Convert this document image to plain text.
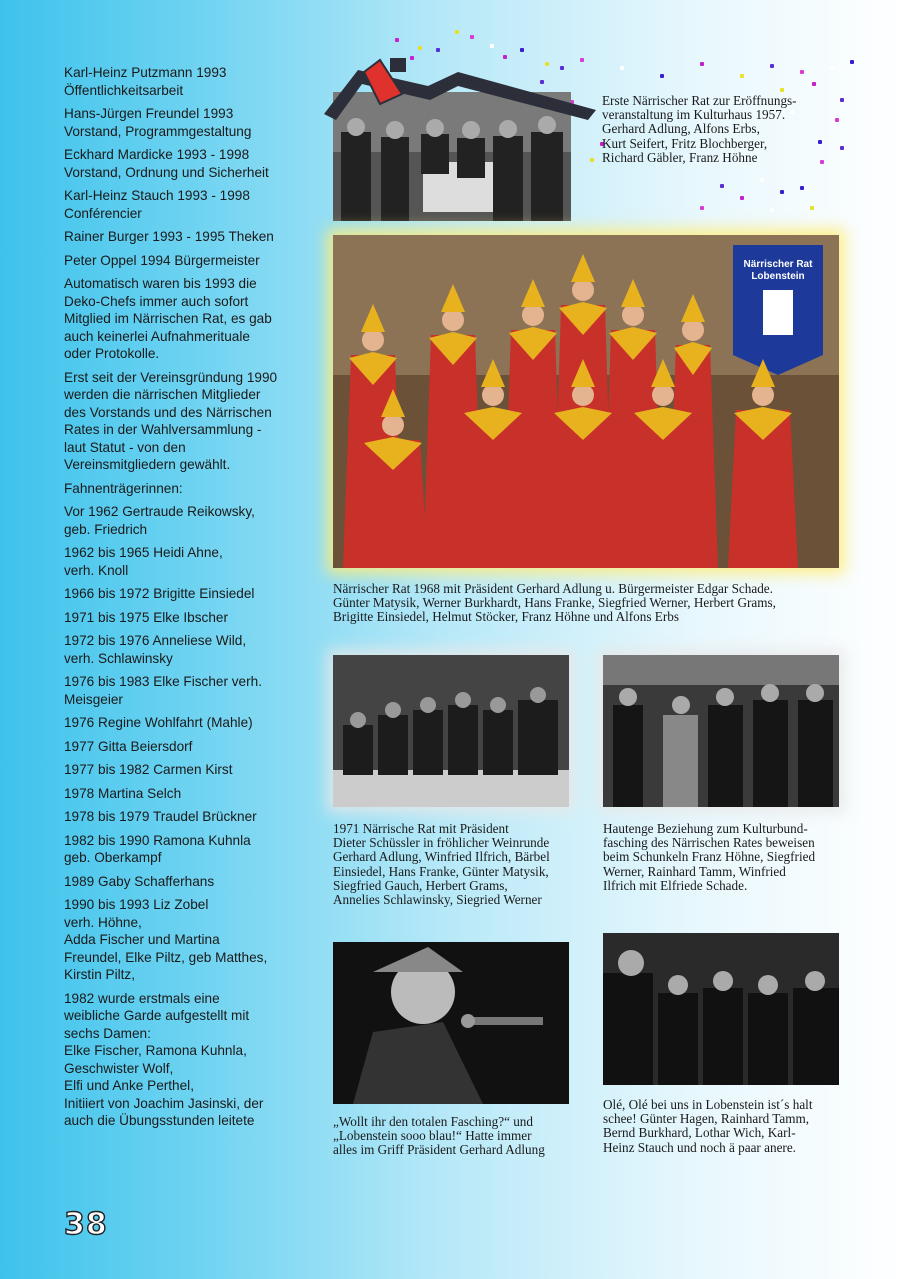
Karl-Heinz Putzmann 1993
Öffentlichkeitsarbeit

Hans-Jürgen Freundel 1993
Vorstand, Programmgestaltung

Eckhard Mardicke 1993 - 1998
Vorstand, Ordnung und Sicherheit

Karl-Heinz Stauch 1993 - 1998
Conférencier

Rainer Burger 1993 - 1995 Theken

Peter Oppel 1994 Bürgermeister

Automatisch waren bis 1993 die
Deko-Chefs immer auch sofort
Mitglied im Närrischen Rat, es gab
auch keinerlei Aufnahmerituale
oder Protokolle.

Erst seit der Vereinsgründung 1990
werden die närrischen Mitglieder
des Vorstands und des Närrischen
Rates in der Wahlversammlung -
laut Statut - von den
Vereinsmitgliedern gewählt.

Fahnenträgerinnen:

Vor 1962 Gertraude Reikowsky,
geb. Friedrich

1962 bis 1965 Heidi Ahne,
verh. Knoll

1966 bis 1972 Brigitte Einsiedel

1971 bis 1975 Elke Ibscher

1972 bis 1976 Anneliese Wild,
verh. Schlawinsky

1976 bis 1983 Elke Fischer verh.
Meisgeier

1976 Regine Wohlfahrt (Mahle)

1977 Gitta Beiersdorf

1977 bis 1982 Carmen Kirst

1978 Martina Selch

1978 bis 1979 Traudel Brückner

1982 bis 1990 Ramona Kuhnla
geb. Oberkampf

1989 Gaby Schafferhans

1990 bis 1993 Liz Zobel
verh. Höhne,
Adda Fischer und Martina
Freundel, Elke Piltz, geb Matthes,
Kirstin Piltz,

1982 wurde erstmals eine
weibliche Garde aufgestellt mit
sechs Damen:
Elke Fischer, Ramona Kuhnla,
Geschwister Wolf,
Elfi und Anke Perthel,
Initiiert von Joachim Jasinski, der
auch die Übungsstunden leitete

Erste Närrischer Rat zur Eröffnungs-
veranstaltung im Kulturhaus 1957.
Gerhard Adlung, Alfons Erbs,
Kurt Seifert, Fritz Blochberger,
Richard Gäbler, Franz Höhne
Närrischer Rat
Lobenstein
Närrischer Rat 1968 mit Präsident Gerhard Adlung u. Bürgermeister Edgar Schade.
Günter Matysik, Werner Burkhardt, Hans Franke, Siegfried Werner, Herbert Grams,
Brigitte Einsiedel, Helmut Stöcker, Franz Höhne und Alfons Erbs
1971 Närrische Rat mit Präsident
Dieter Schüssler in fröhlicher Weinrunde
Gerhard Adlung, Winfried Ilfrich, Bärbel
Einsiedel, Hans Franke, Günter Matysik,
Siegfried Gauch, Herbert Grams,
Annelies Schlawinsky, Siegried Werner
Hautenge Beziehung zum Kulturbund-
fasching des Närrischen Rates beweisen
beim Schunkeln Franz Höhne, Siegfried
Werner, Rainhard Tamm, Winfried
Ilfrich mit Elfriede Schade.
„Wollt ihr den totalen Fasching?“ und
„Lobenstein sooo blau!“ Hatte immer
alles im Griff Präsident Gerhard Adlung
Olé, Olé bei uns in Lobenstein ist´s halt
schee! Günter Hagen, Rainhard Tamm,
Bernd Burkhard, Lothar Wich, Karl-
Heinz Stauch und noch ä paar anere.
38
